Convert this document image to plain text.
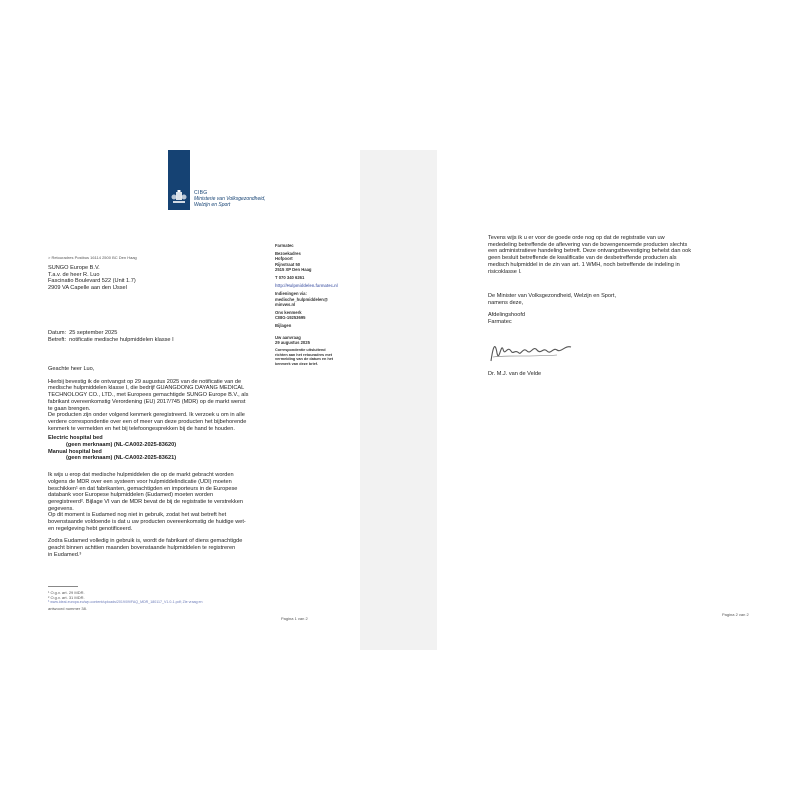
CIBG
Ministerie van Volksgezondheid,
Welzijn en Sport
> Retouradres Postbus 16114 2500 BC Den Haag
SUNGO Europe B.V.
T.a.v. de heer R. Luo
Fascinatio Boulevard 522 (Unit 1.7)
2909 VA Capelle aan den IJssel
Farmatec
Bezoekadres
Hofpoort
Rijnstraat 50
2515 XP Den Haag
T 070 340 6261
http://Hulpmiddelen.farmatec.nl
Indieningen via:
medische_hulpmiddelen@
minvws.nl
Ons kenmerk
CIBG-19253695
Bijlagen
Uw aanvraag
29 augustus 2025
Correspondentie uitsluitend richten aan het retouradres met vermelding van de datum en het kenmerk van deze brief.
Datum: 25 september 2025
Betreft: notificatie medische hulpmiddelen klasse I
Geachte heer Luo,
Hierbij bevestig ik de ontvangst op 29 augustus 2025 van de notificatie van de
medische hulpmiddelen klasse I, die bedrijf GUANGDONG DAYANG MEDICAL
TECHNOLOGY CO., LTD., met Europees gemachtigde SUNGO Europe B.V., als
fabrikant overeenkomstig Verordening (EU) 2017/745 (MDR) op de markt wenst
te gaan brengen.
De producten zijn onder volgend kenmerk geregistreerd. Ik verzoek u om in alle
verdere correspondentie over een of meer van deze producten het bijbehorende
kenmerk te vermelden en het bij telefoongesprekken bij de hand te houden.
Electric hospital bed
(geen merknaam) (NL-CA002-2025-83620)
Manual hospital bed
(geen merknaam) (NL-CA002-2025-83621)
Ik wijs u erop dat medische hulpmiddelen die op de markt gebracht worden
volgens de MDR over een systeem voor hulpmiddelindicatie (UDI) moeten
beschikken¹ en dat fabrikanten, gemachtigden en importeurs in de Europese
databank voor Europese hulpmiddelen (Eudamed) moeten worden
geregistreerd². Bijlage VI van de MDR bevat de bij de registratie te verstrekken
gegevens.
Op dit moment is Eudamed nog niet in gebruik, zodat het wat betreft het
bovenstaande voldoende is dat u uw producten overeenkomstig de huidige wet-
en regelgeving hebt genotificeerd.
Zodra Eudamed volledig in gebruik is, wordt de fabrikant of diens gemachtigde
geacht binnen achttien maanden bovenstaande hulpmiddelen te registreren
in Eudamed.³
¹ O.g.v. art. 29 MDR.
² O.g.v. art. 31 MDR.
³ www.ideal-europa.eu/wp-content/uploads/2019/09/FAQ_MDR_180117_V1.0-1.pdf; Zie vraag en
antwoord nummer 38.
Pagina 1 van 2
Tevens wijs ik u er voor de goede orde nog op dat de registratie van uw
mededeling betreffende de aflevering van de bovengenoemde producten slechts
een administratieve handeling betreft. Deze ontvangstbevestiging behelst dan ook
geen besluit betreffende de kwalificatie van de desbetreffende producten als
medisch hulpmiddel in de zin van art. 1 WMH, noch betreffende de indeling in
risicoklasse I.
De Minister van Volksgezondheid, Welzijn en Sport,
namens deze,
Afdelingshoofd
Farmatec
Dr. M.J. van de Velde
Pagina 2 van 2
